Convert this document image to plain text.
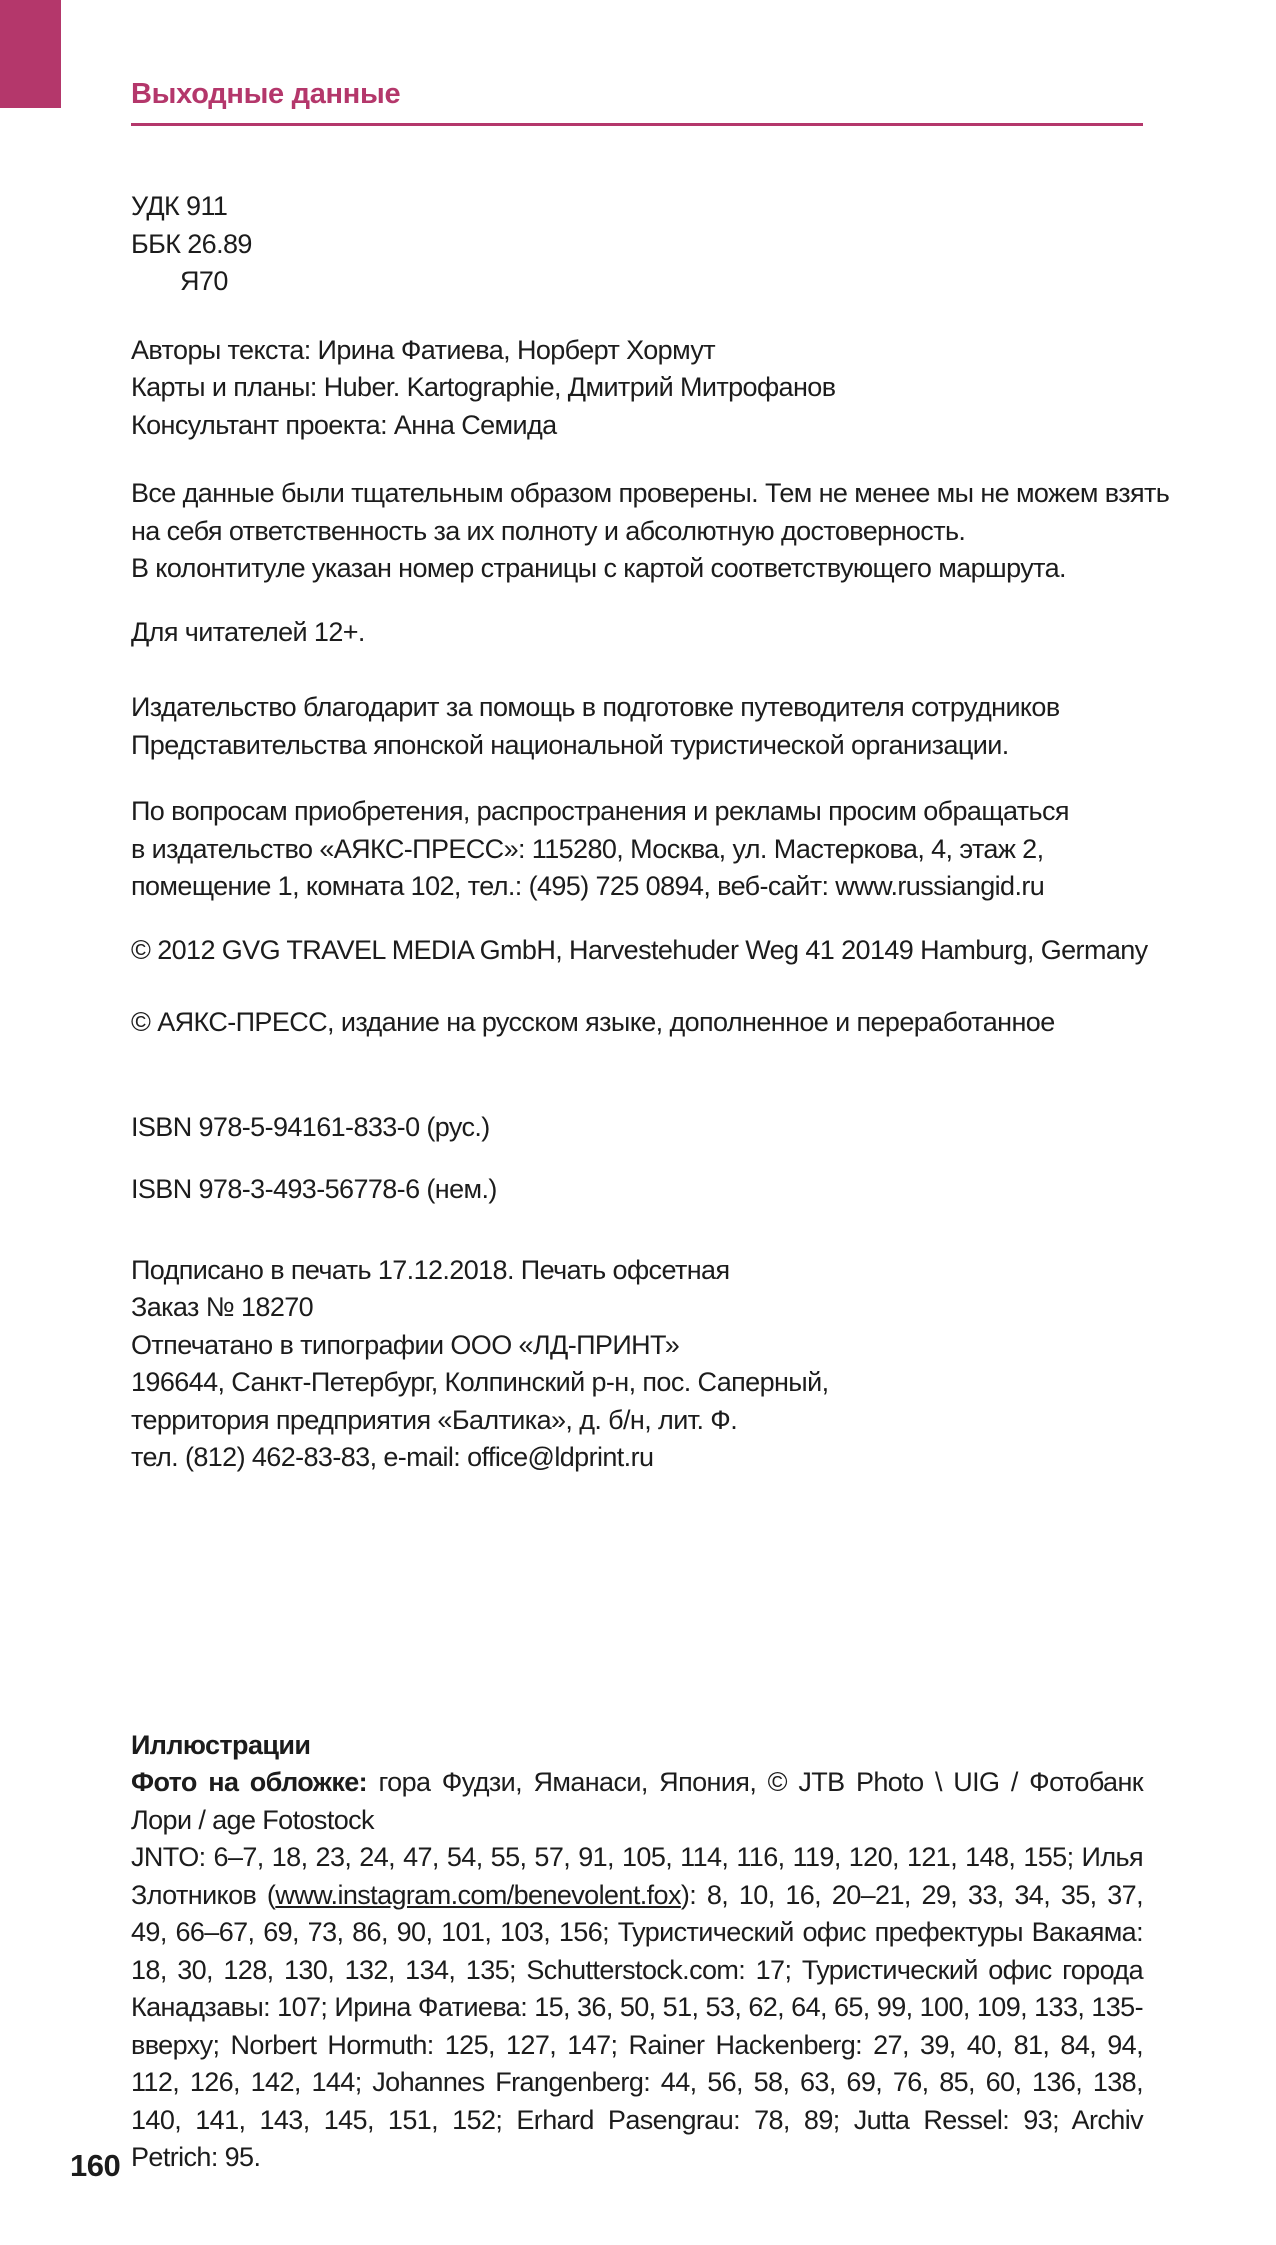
Выходные данные
УДК 911
ББК 26.89
Я70
Авторы текста: Ирина Фатиева, Норберт Хормут
Карты и планы: Huber. Kartographie, Дмитрий Митрофанов
Консультант проекта: Анна Семида
Все данные были тщательным образом проверены. Тем не менее мы не можем взять
на себя ответственность за их полноту и абсолютную достоверность.
В колонтитуле указан номер страницы с картой соответствующего маршрута.
Для читателей 12+.
Издательство благодарит за помощь в подготовке путеводителя сотрудников
Представительства японской национальной туристической организации.
По вопросам приобретения, распространения и рекламы просим обращаться
в издательство «АЯКС-ПРЕСС»: 115280, Москва, ул. Мастеркова, 4, этаж 2,
помещение 1, комната 102, тел.: (495) 725 0894, веб-сайт: www.russiangid.ru
© 2012 GVG TRAVEL MEDIA GmbH, Harvestehuder Weg 41 20149 Hamburg, Germany
© АЯКС-ПРЕСС, издание на русском языке, дополненное и переработанное
ISBN 978-5-94161-833-0 (рус.)
ISBN 978-3-493-56778-6 (нем.)
Подписано в печать 17.12.2018. Печать офсетная
Заказ № 18270
Отпечатано в типографии ООО «ЛД-ПРИНТ»
196644, Санкт-Петербург, Колпинский р-н, пос. Саперный,
территория предприятия «Балтика», д. б/н, лит. Ф.
тел. (812) 462-83-83, e-mail: office@ldprint.ru
Иллюстрации
Фото на обложке: гора Фудзи, Яманаси, Япония, © JTB Photo \ UIG / Фотобанк Лори / age Fotostock
JNTO: 6–7, 18, 23, 24, 47, 54, 55, 57, 91, 105, 114, 116, 119, 120, 121, 148, 155; Илья Злотников (www.instagram.com/benevolent.fox): 8, 10, 16, 20–21, 29, 33, 34, 35, 37, 49, 66–67, 69, 73, 86, 90, 101, 103, 156; Туристический офис префектуры Вакаяма: 18, 30, 128, 130, 132, 134, 135; Schutterstock.com: 17; Туристический офис города Канадзавы: 107; Ирина Фатиева: 15, 36, 50, 51, 53, 62, 64, 65, 99, 100, 109, 133, 135-вверху; Norbert Hormuth: 125, 127, 147; Rainer Hackenberg: 27, 39, 40, 81, 84, 94, 112, 126, 142, 144; Johannes Frangenberg: 44, 56, 58, 63, 69, 76, 85, 60, 136, 138, 140, 141, 143, 145, 151, 152; Erhard Pasengrau: 78, 89; Jutta Ressel: 93; Archiv Petrich: 95.
160
